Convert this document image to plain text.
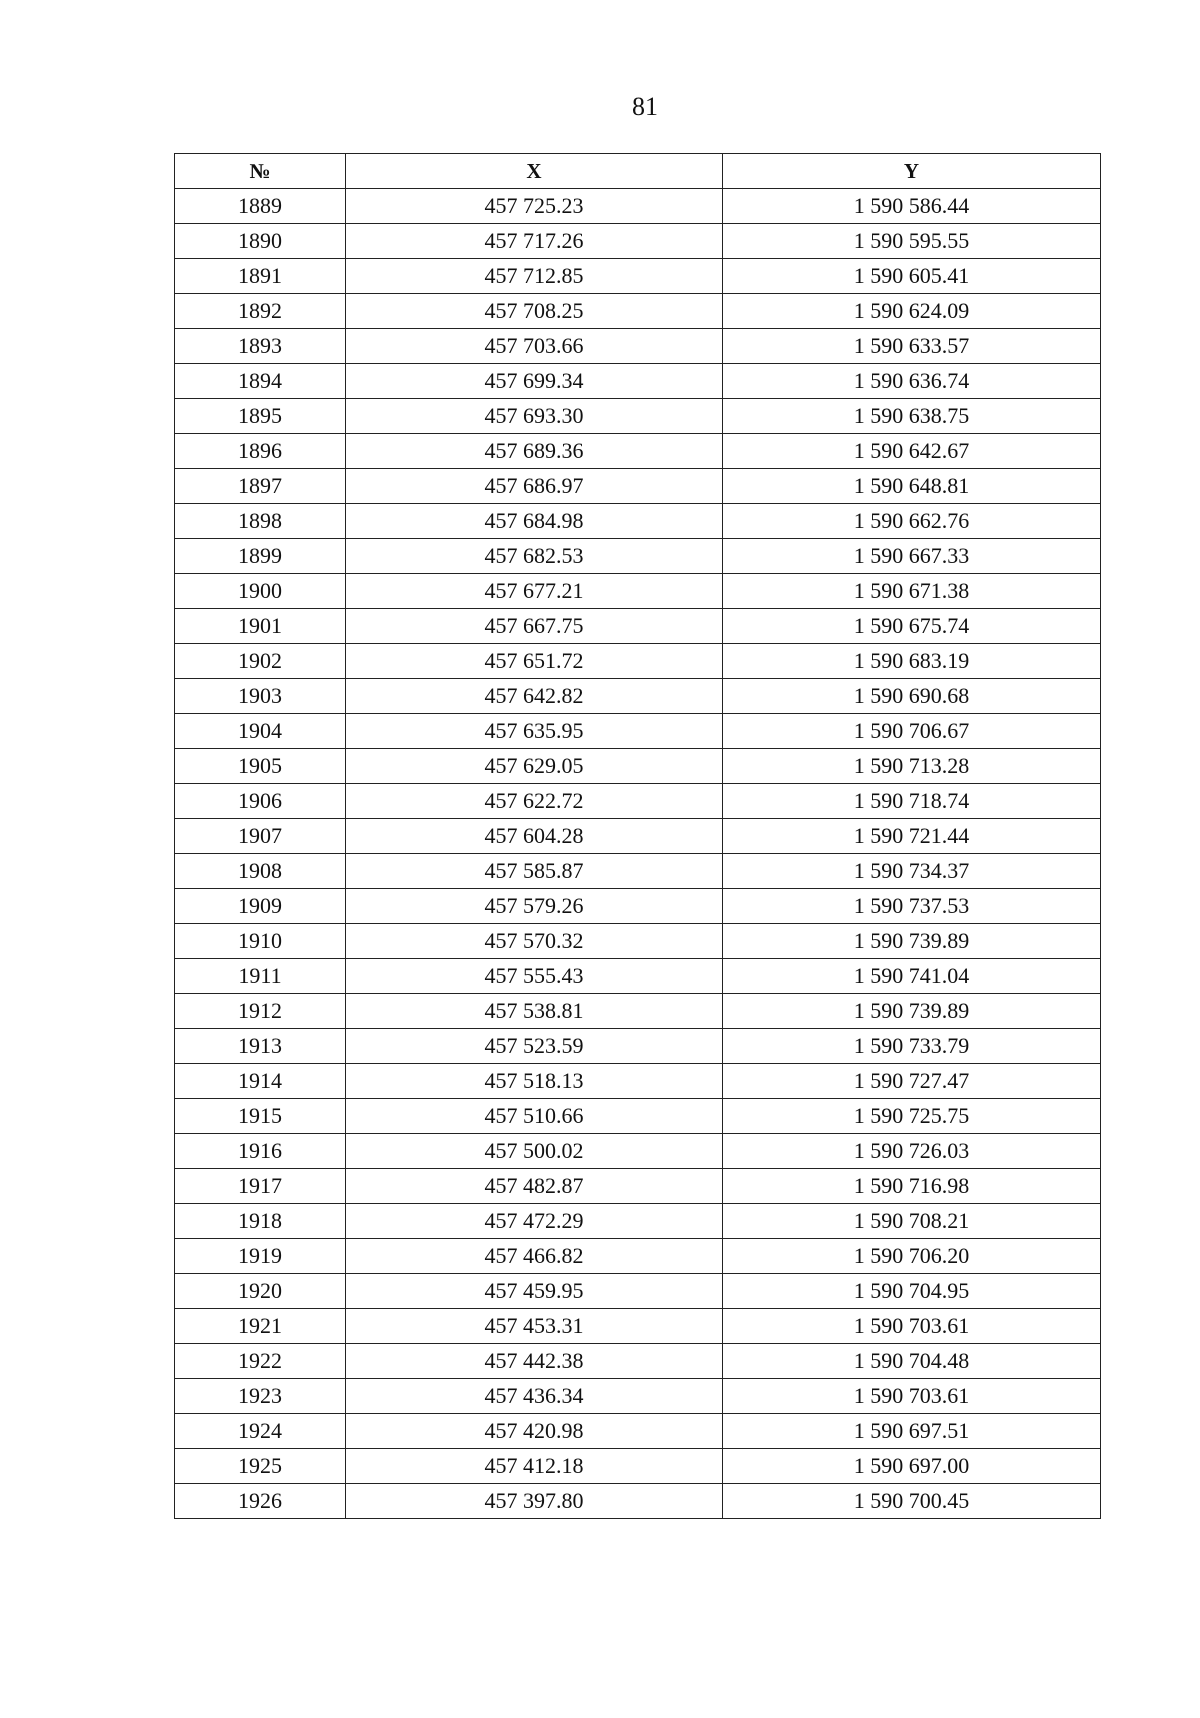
81
№	X	Y
1889	457 725.23	1 590 586.44
1890	457 717.26	1 590 595.55
1891	457 712.85	1 590 605.41
1892	457 708.25	1 590 624.09
1893	457 703.66	1 590 633.57
1894	457 699.34	1 590 636.74
1895	457 693.30	1 590 638.75
1896	457 689.36	1 590 642.67
1897	457 686.97	1 590 648.81
1898	457 684.98	1 590 662.76
1899	457 682.53	1 590 667.33
1900	457 677.21	1 590 671.38
1901	457 667.75	1 590 675.74
1902	457 651.72	1 590 683.19
1903	457 642.82	1 590 690.68
1904	457 635.95	1 590 706.67
1905	457 629.05	1 590 713.28
1906	457 622.72	1 590 718.74
1907	457 604.28	1 590 721.44
1908	457 585.87	1 590 734.37
1909	457 579.26	1 590 737.53
1910	457 570.32	1 590 739.89
1911	457 555.43	1 590 741.04
1912	457 538.81	1 590 739.89
1913	457 523.59	1 590 733.79
1914	457 518.13	1 590 727.47
1915	457 510.66	1 590 725.75
1916	457 500.02	1 590 726.03
1917	457 482.87	1 590 716.98
1918	457 472.29	1 590 708.21
1919	457 466.82	1 590 706.20
1920	457 459.95	1 590 704.95
1921	457 453.31	1 590 703.61
1922	457 442.38	1 590 704.48
1923	457 436.34	1 590 703.61
1924	457 420.98	1 590 697.51
1925	457 412.18	1 590 697.00
1926	457 397.80	1 590 700.45
